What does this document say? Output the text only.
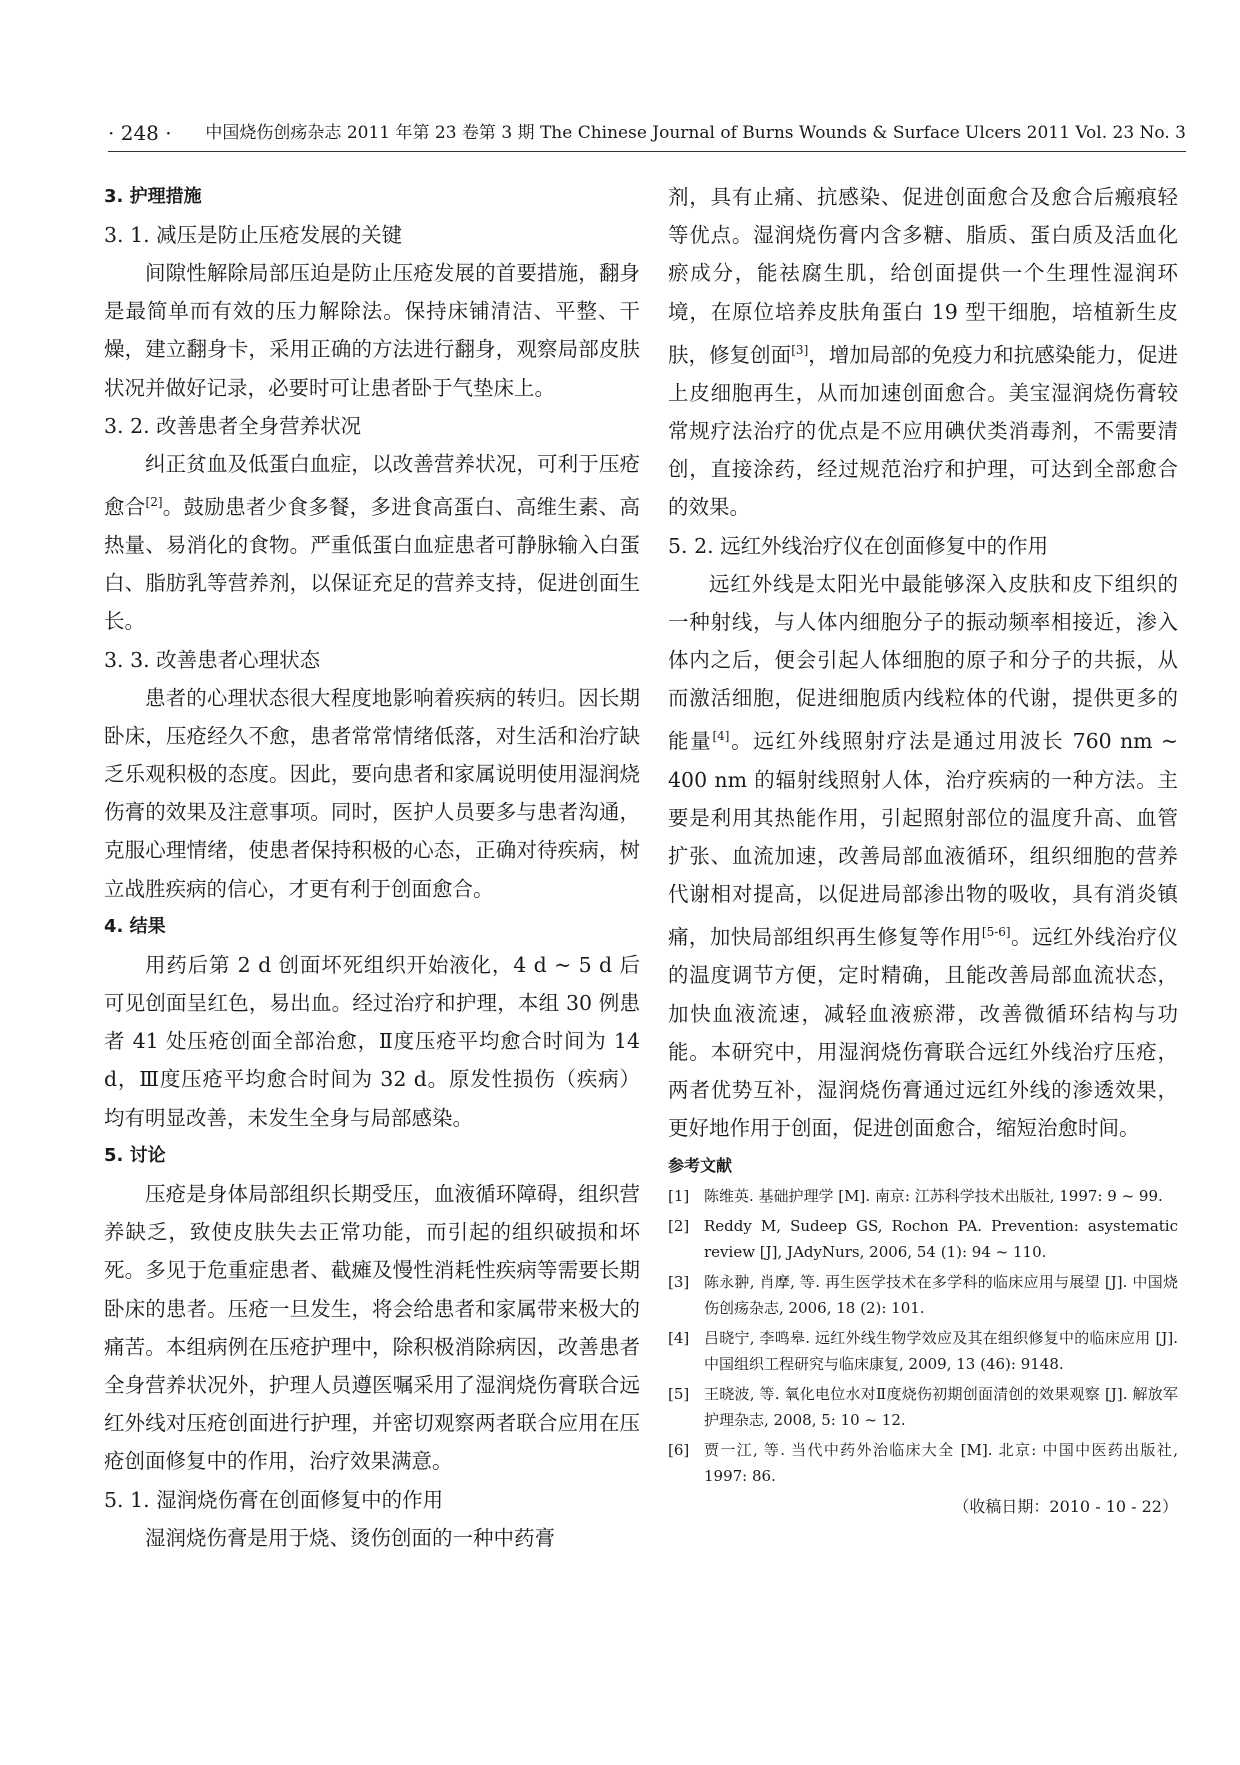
· 248 · 中国烧伤创疡杂志 2011 年第 23 卷第 3 期 The Chinese Journal of Burns Wounds & Surface Ulcers 2011 Vol. 23 No. 3
3. 护理措施
3. 1. 减压是防止压疮发展的关键

间隙性解除局部压迫是防止压疮发展的首要措施，翻身是最简单而有效的压力解除法。保持床铺清洁、平整、干燥，建立翻身卡，采用正确的方法进行翻身，观察局部皮肤状况并做好记录，必要时可让患者卧于气垫床上。

3. 2. 改善患者全身营养状况

纠正贫血及低蛋白血症，以改善营养状况，可利于压疮愈合[2]。鼓励患者少食多餐，多进食高蛋白、高维生素、高热量、易消化的食物。严重低蛋白血症患者可静脉输入白蛋白、脂肪乳等营养剂，以保证充足的营养支持，促进创面生长。

3. 3. 改善患者心理状态

患者的心理状态很大程度地影响着疾病的转归。因长期卧床，压疮经久不愈，患者常常情绪低落，对生活和治疗缺乏乐观积极的态度。因此，要向患者和家属说明使用湿润烧伤膏的效果及注意事项。同时，医护人员要多与患者沟通，克服心理情绪，使患者保持积极的心态，正确对待疾病，树立战胜疾病的信心，才更有利于创面愈合。

4. 结果

用药后第 2 d 创面坏死组织开始液化，4 d ~ 5 d 后可见创面呈红色，易出血。经过治疗和护理，本组 30 例患者 41 处压疮创面全部治愈，Ⅱ度压疮平均愈合时间为 14 d，Ⅲ度压疮平均愈合时间为 32 d。原发性损伤（疾病）均有明显改善，未发生全身与局部感染。

5. 讨论

压疮是身体局部组织长期受压，血液循环障碍，组织营养缺乏，致使皮肤失去正常功能，而引起的组织破损和坏死。多见于危重症患者、截瘫及慢性消耗性疾病等需要长期卧床的患者。压疮一旦发生，将会给患者和家属带来极大的痛苦。本组病例在压疮护理中，除积极消除病因，改善患者全身营养状况外，护理人员遵医嘱采用了湿润烧伤膏联合远红外线对压疮创面进行护理，并密切观察两者联合应用在压疮创面修复中的作用，治疗效果满意。

5. 1. 湿润烧伤膏在创面修复中的作用

湿润烧伤膏是用于烧、烫伤创面的一种中药膏

剂，具有止痛、抗感染、促进创面愈合及愈合后瘢痕轻等优点。湿润烧伤膏内含多糖、脂质、蛋白质及活血化瘀成分，能祛腐生肌，给创面提供一个生理性湿润环境，在原位培养皮肤角蛋白 19 型干细胞，培植新生皮肤，修复创面[3]，增加局部的免疫力和抗感染能力，促进上皮细胞再生，从而加速创面愈合。美宝湿润烧伤膏较常规疗法治疗的优点是不应用碘伏类消毒剂，不需要清创，直接涂药，经过规范治疗和护理，可达到全部愈合的效果。

5. 2. 远红外线治疗仪在创面修复中的作用

远红外线是太阳光中最能够深入皮肤和皮下组织的一种射线，与人体内细胞分子的振动频率相接近，渗入体内之后，便会引起人体细胞的原子和分子的共振，从而激活细胞，促进细胞质内线粒体的代谢，提供更多的能量[4]。远红外线照射疗法是通过用波长 760 nm ~ 400 nm 的辐射线照射人体，治疗疾病的一种方法。主要是利用其热能作用，引起照射部位的温度升高、血管扩张、血流加速，改善局部血液循环，组织细胞的营养代谢相对提高，以促进局部渗出物的吸收，具有消炎镇痛，加快局部组织再生修复等作用[5-6]。远红外线治疗仪的温度调节方便，定时精确，且能改善局部血流状态，加快血液流速，减轻血液瘀滞，改善微循环结构与功能。本研究中，用湿润烧伤膏联合远红外线治疗压疮，两者优势互补，湿润烧伤膏通过远红外线的渗透效果，更好地作用于创面，促进创面愈合，缩短治愈时间。

参考文献
[1] 陈维英. 基础护理学 [M]. 南京: 江苏科学技术出版社, 1997: 9 ~ 99.
[2] Reddy M, Sudeep GS, Rochon PA. Prevention: asystematic review [J], JAdyNurs, 2006, 54 (1): 94 ~ 110.
[3] 陈永翀, 肖摩, 等. 再生医学技术在多学科的临床应用与展望 [J]. 中国烧伤创疡杂志, 2006, 18 (2): 101.
[4] 吕晓宁, 李鸣皋. 远红外线生物学效应及其在组织修复中的临床应用 [J]. 中国组织工程研究与临床康复, 2009, 13 (46): 9148.
[5] 王晓波, 等. 氧化电位水对Ⅱ度烧伤初期创面清创的效果观察 [J]. 解放军护理杂志, 2008, 5: 10 ~ 12.
[6] 贾一江, 等. 当代中药外治临床大全 [M]. 北京: 中国中医药出版社, 1997: 86.
（收稿日期：2010 - 10 - 22）
